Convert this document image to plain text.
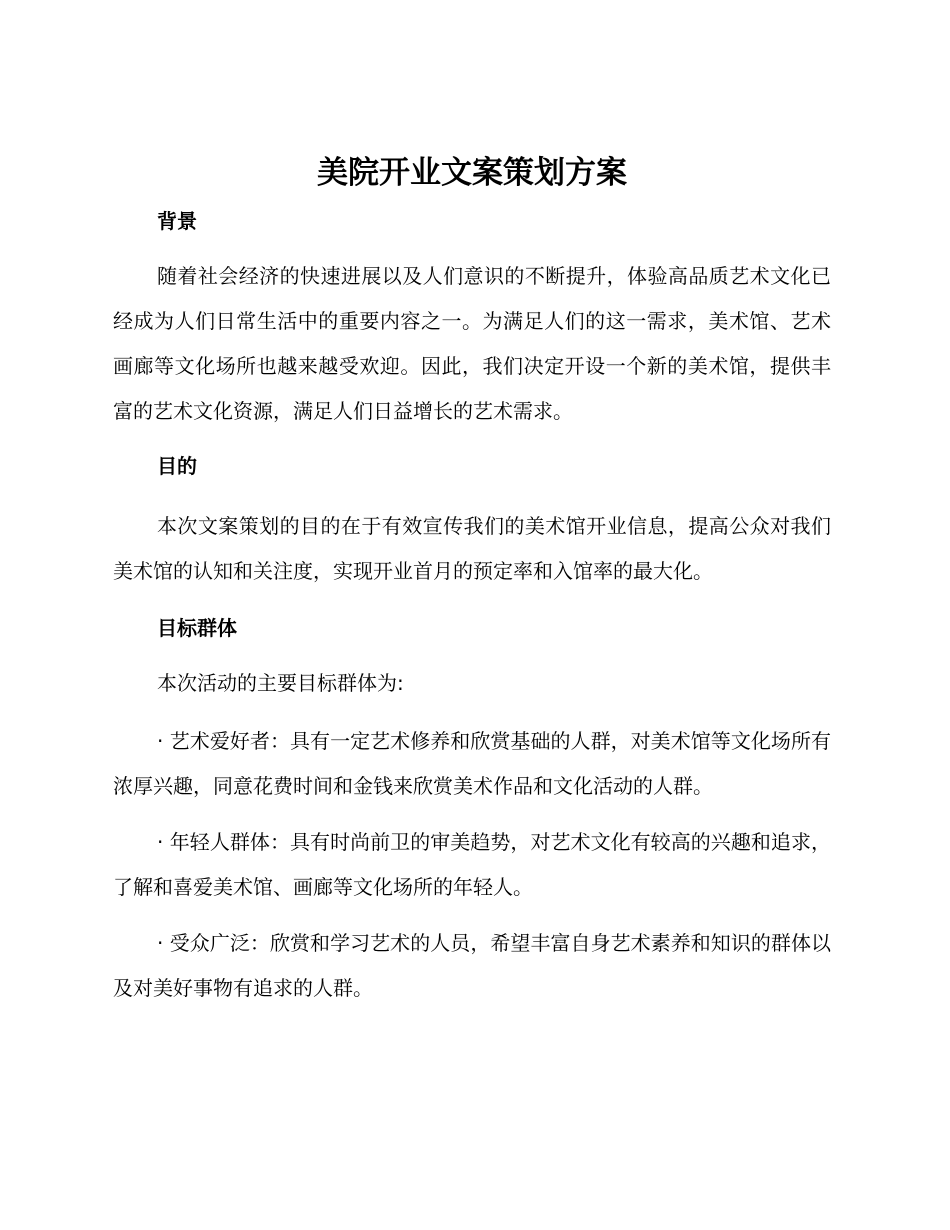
美院开业文案策划方案
背景

随着社会经济的快速进展以及人们意识的不断提升，体验高品质艺术文化已经成为人们日常生活中的重要内容之一。为满足人们的这一需求，美术馆、艺术画廊等文化场所也越来越受欢迎。因此，我们决定开设一个新的美术馆，提供丰富的艺术文化资源，满足人们日益增长的艺术需求。

目的

本次文案策划的目的在于有效宣传我们的美术馆开业信息，提高公众对我们美术馆的认知和关注度，实现开业首月的预定率和入馆率的最大化。

目标群体

本次活动的主要目标群体为:

· 艺术爱好者：具有一定艺术修养和欣赏基础的人群，对美术馆等文化场所有浓厚兴趣，同意花费时间和金钱来欣赏美术作品和文化活动的人群。

· 年轻人群体：具有时尚前卫的审美趋势，对艺术文化有较高的兴趣和追求，了解和喜爱美术馆、画廊等文化场所的年轻人。

· 受众广泛：欣赏和学习艺术的人员，希望丰富自身艺术素养和知识的群体以及对美好事物有追求的人群。
